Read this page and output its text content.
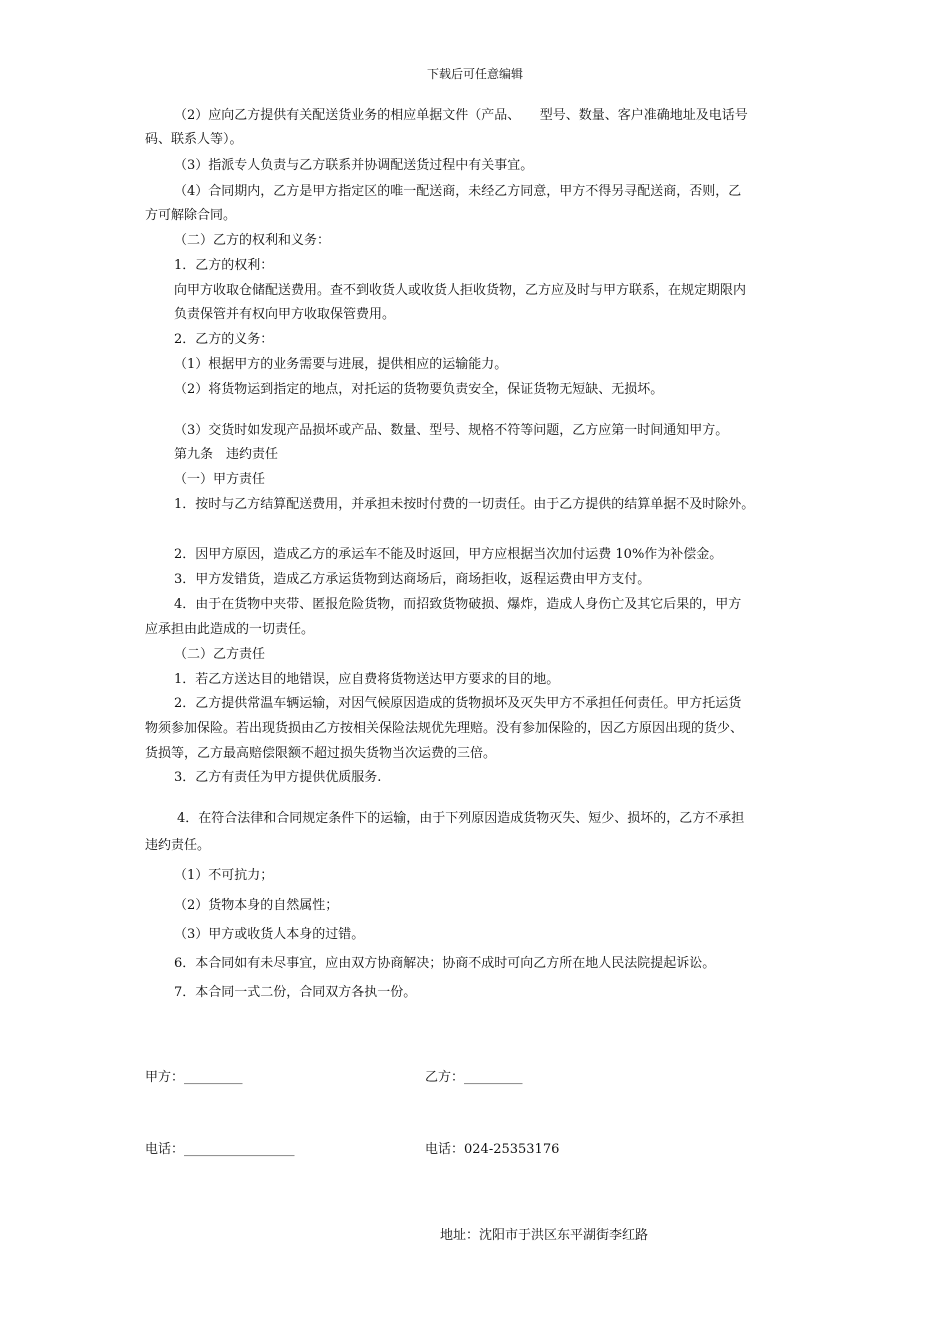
下载后可任意编辑
（2）应向乙方提供有关配送货业务的相应单据文件（产品、　　型号、数量、客户准确地址及电话号
码、联系人等）。
（3）指派专人负责与乙方联系并协调配送货过程中有关事宜。
（4）合同期内，乙方是甲方指定区的唯一配送商，未经乙方同意，甲方不得另寻配送商，否则，乙
方可解除合同。
（二）乙方的权利和义务：
1．乙方的权利：
向甲方收取仓储配送费用。查不到收货人或收货人拒收货物，乙方应及时与甲方联系，在规定期限内
负责保管并有权向甲方收取保管费用。
2．乙方的义务：
（1）根据甲方的业务需要与进展，提供相应的运输能力。
（2）将货物运到指定的地点，对托运的货物要负责安全，保证货物无短缺、无损坏。
（3）交货时如发现产品损坏或产品、数量、型号、规格不符等问题，乙方应第一时间通知甲方。
第九条　违约责任
（一）甲方责任
1．按时与乙方结算配送费用，并承担未按时付费的一切责任。由于乙方提供的结算单据不及时除外。
2．因甲方原因，造成乙方的承运车不能及时返回，甲方应根据当次加付运费 10%作为补偿金。
3．甲方发错货，造成乙方承运货物到达商场后，商场拒收，返程运费由甲方支付。
4．由于在货物中夹带、匿报危险货物，而招致货物破损、爆炸，造成人身伤亡及其它后果的，甲方
应承担由此造成的一切责任。
（二）乙方责任
1．若乙方送达目的地错误，应自费将货物送达甲方要求的目的地。
2．乙方提供常温车辆运输，对因气候原因造成的货物损坏及灭失甲方不承担任何责任。甲方托运货
物须参加保险。若出现货损由乙方按相关保险法规优先理赔。没有参加保险的，因乙方原因出现的货少、
货损等，乙方最高赔偿限额不超过损失货物当次运费的三倍。
3．乙方有责任为甲方提供优质服务.
4．在符合法律和合同规定条件下的运输，由于下列原因造成货物灭失、短少、损坏的，乙方不承担
违约责任。
（1）不可抗力；
（2）货物本身的自然属性；
（3）甲方或收货人本身的过错。
6．本合同如有未尽事宜，应由双方协商解决；协商不成时可向乙方所在地人民法院提起诉讼。
7．本合同一式二份，合同双方各执一份。
甲方：_________	乙方：_________
电话：_________________	电话：024-25353176
地址：沈阳市于洪区东平湖街李红路
